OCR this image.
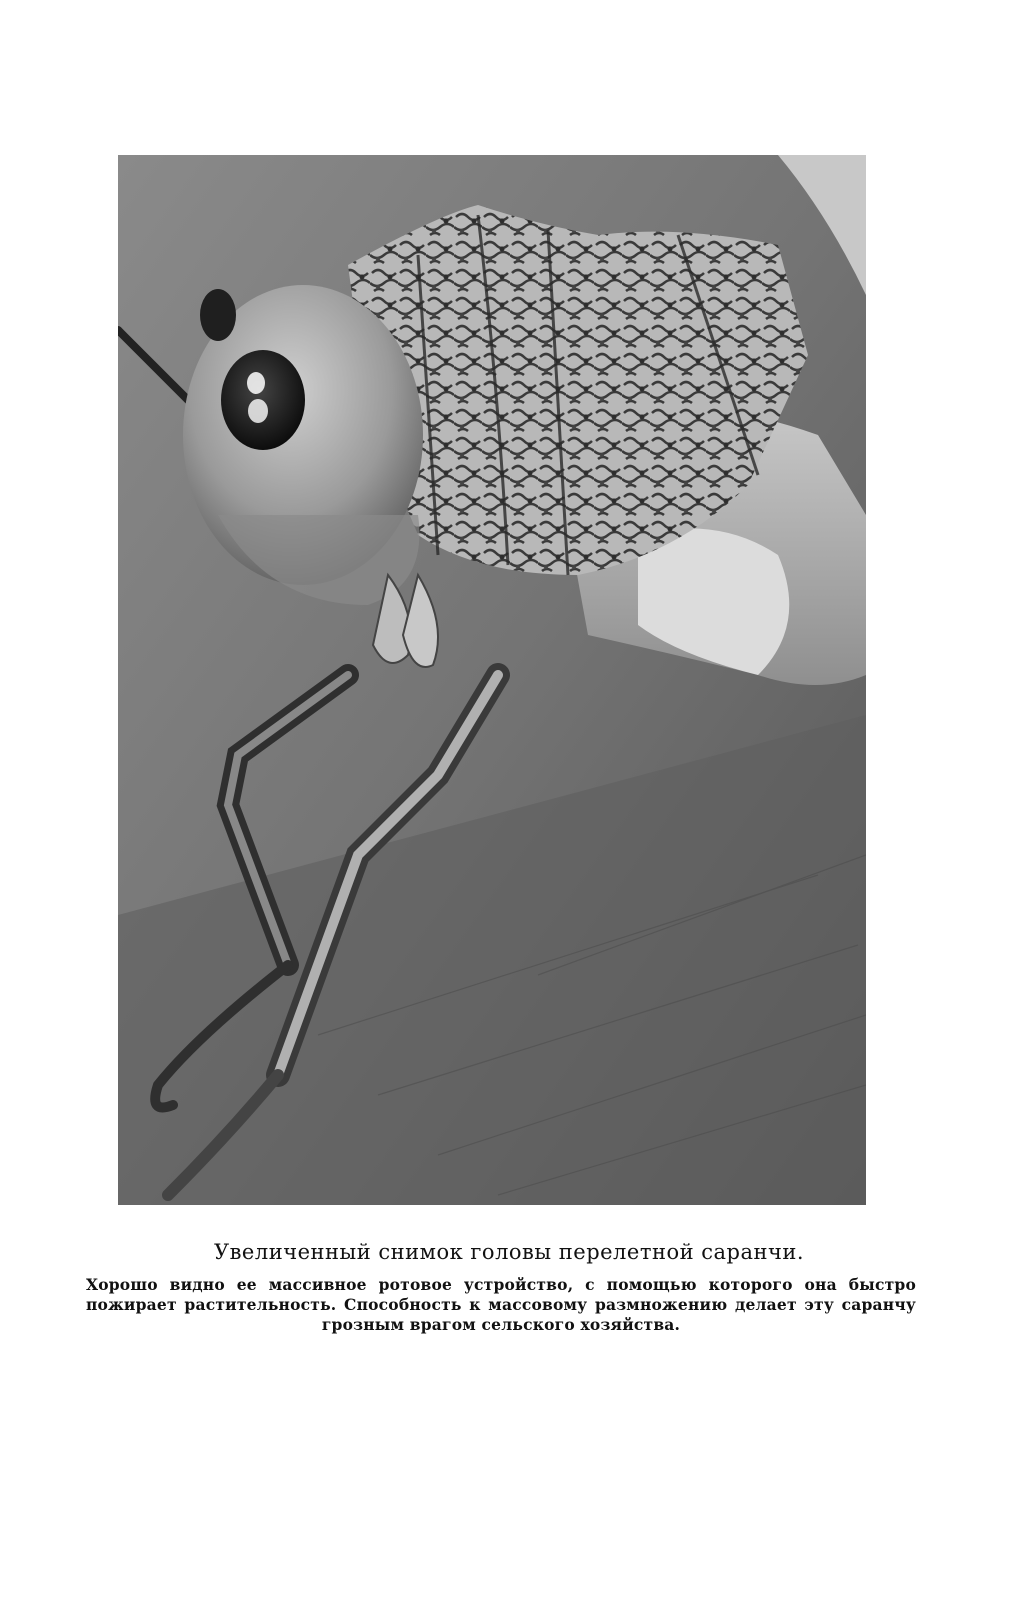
Увеличенный снимок головы перелетной саранчи.
Хорошо видно ее массивное ротовое устройство, с помощью которого она быстро пожирает растительность. Способность к массовому размножению делает эту саранчу грозным врагом сельского хозяйства.
